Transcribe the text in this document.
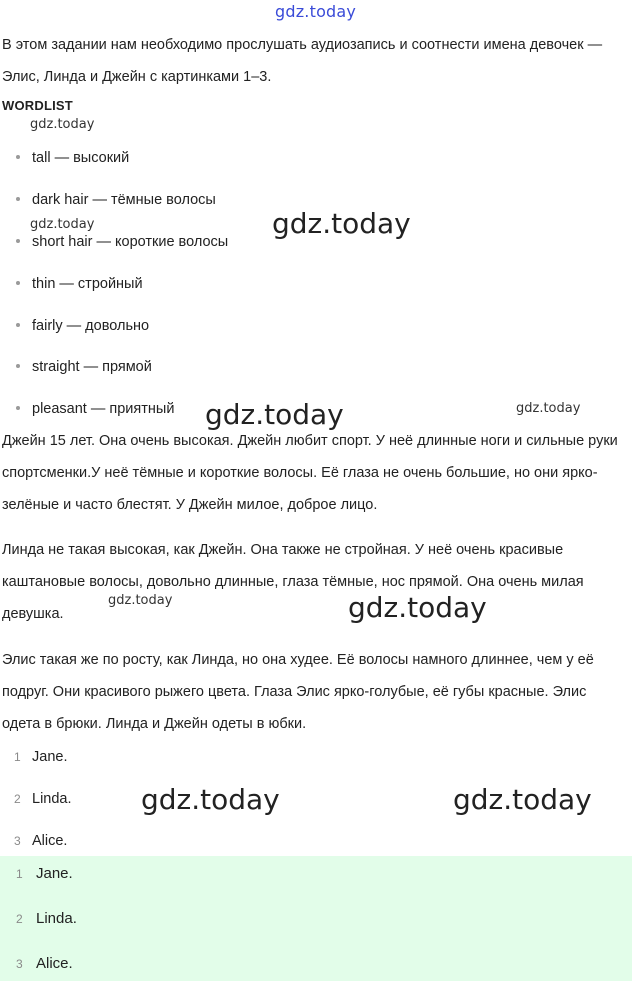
gdz.today
В этом задании нам необходимо прослушать аудиозапись и соотнести имена девочек — Элис, Линда и Джейн с картинками 1–3.
WORDLIST
gdz.today
tall — высокий
dark hair — тёмные волосы
short hair — короткие волосы
thin — стройный
fairly — довольно
straight — прямой
pleasant — приятный
gdz.today	gdz.today
gdz.today	gdz.today
Джейн 15 лет. Она очень высокая. Джейн любит спорт. У неё длинные ноги и сильные руки спортсменки.У неё тёмные и короткие волосы. Её глаза не очень большие, но они ярко-зелёные и часто блестят. У Джейн милое, доброе лицо.
Линда не такая высокая, как Джейн. Она также не стройная. У неё очень красивые каштановые волосы, довольно длинные, глаза тёмные, нос прямой. Она очень милая девушка.
gdz.today	gdz.today
Элис такая же по росту, как Линда, но она худее. Её волосы намного длиннее, чем у её подруг. Они красивого рыжего цвета. Глаза Элис ярко-голубые, её губы красные. Элис одета в брюки. Линда и Джейн одеты в юбки.
1 Jane.
2 Linda.
3 Alice.
gdz.today	gdz.today
1 Jane.
2 Linda.
3 Alice.
